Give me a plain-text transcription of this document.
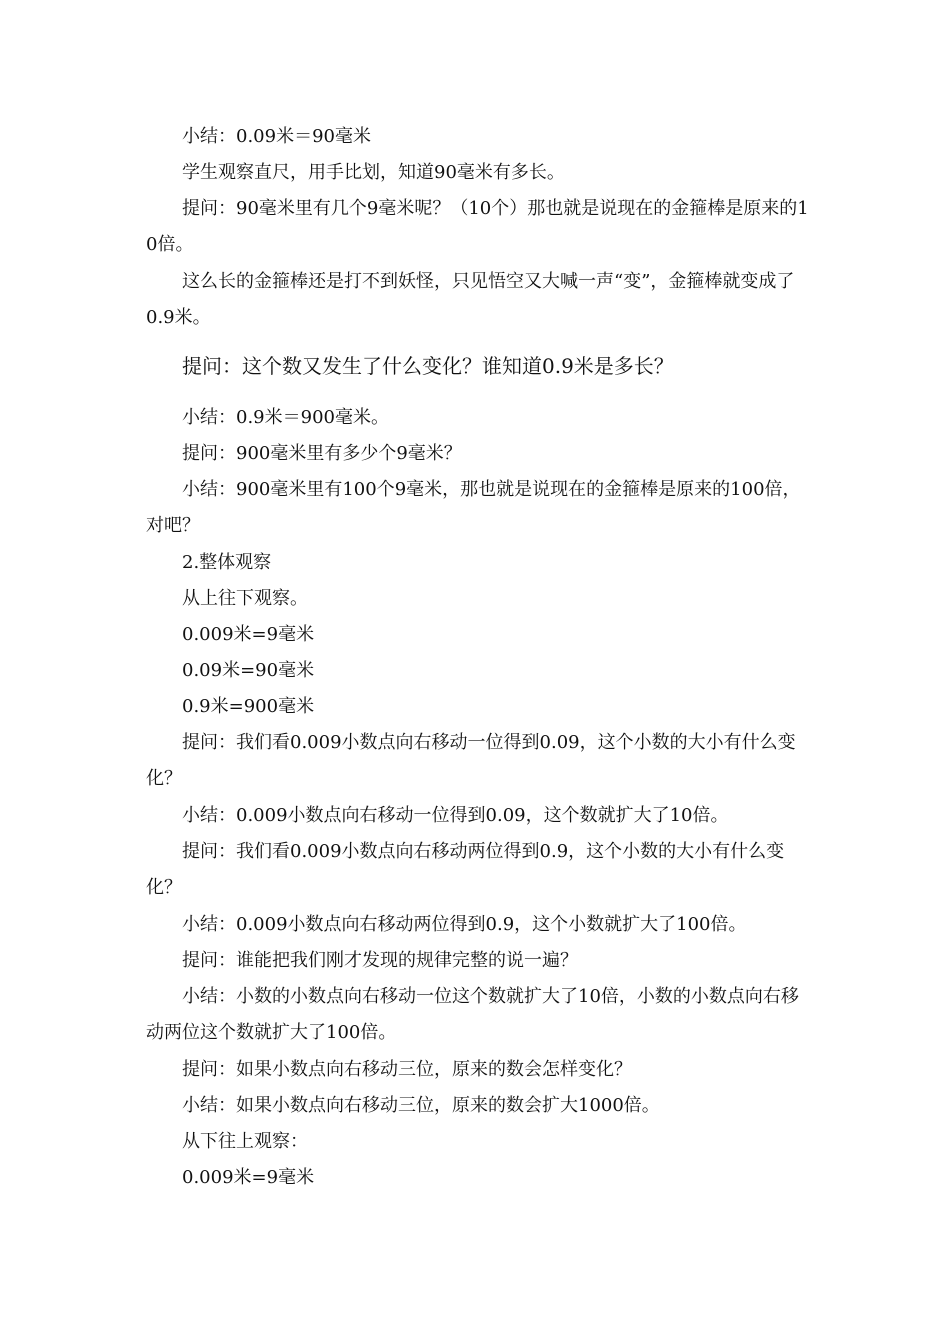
小结：0.09米＝90毫米

学生观察直尺，用手比划，知道90毫米有多长。

提问：90毫米里有几个9毫米呢？（10个）那也就是说现在的金箍棒是原来的10倍。

这么长的金箍棒还是打不到妖怪，只见悟空又大喊一声“变”，金箍棒就变成了0.9米。

提问：这个数又发生了什么变化？谁知道0.9米是多长？

小结：0.9米＝900毫米。

提问：900毫米里有多少个9毫米？

小结：900毫米里有100个9毫米，那也就是说现在的金箍棒是原来的100倍，对吧？

2.整体观察

从上往下观察。

0.009米=9毫米

0.09米=90毫米

0.9米=900毫米

提问：我们看0.009小数点向右移动一位得到0.09，这个小数的大小有什么变化？

小结：0.009小数点向右移动一位得到0.09，这个数就扩大了10倍。

提问：我们看0.009小数点向右移动两位得到0.9，这个小数的大小有什么变化？

小结：0.009小数点向右移动两位得到0.9，这个小数就扩大了100倍。

提问：谁能把我们刚才发现的规律完整的说一遍？

小结：小数的小数点向右移动一位这个数就扩大了10倍，小数的小数点向右移动两位这个数就扩大了100倍。

提问：如果小数点向右移动三位，原来的数会怎样变化？

小结：如果小数点向右移动三位，原来的数会扩大1000倍。

从下往上观察：

0.009米=9毫米
